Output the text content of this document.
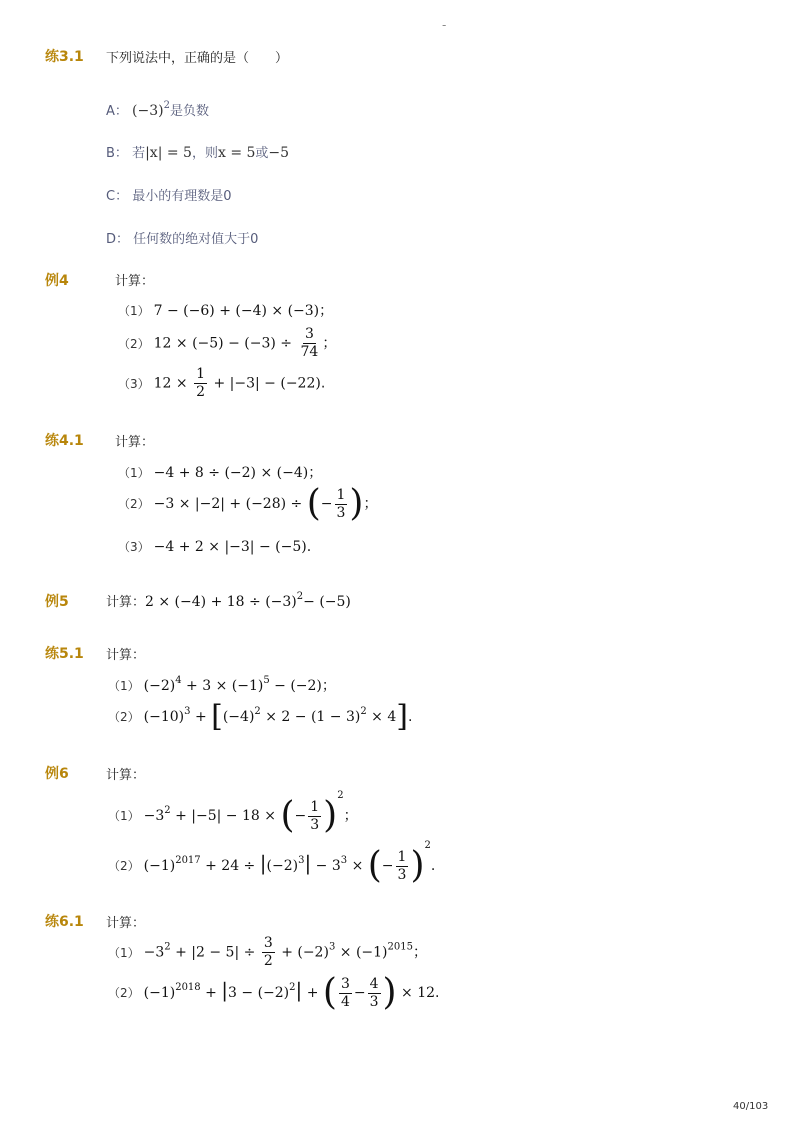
-
练3.1 下列说法中，正确的是（　　）
A： $(-3)^2$是负数
B： 若|x| = 5，则x = 5或−5
C： 最小的有理数是0
D： 任何数的绝对值大于0
例4	计算：
（1） 7 − (−6) + (−4) × (−3)；
（2） $12 \times (-5) - (-3) \div \frac{3}{74}$ ；
（3） $12 \times \frac{1}{2} + |-3| - (-22)$.
练4.1 计算：
（1） −4 + 8 ÷ (−2) × (−4)；
（2） −3 × |−2| + (−28) ÷ (− $\frac{1}{3}$ )；
（3） −4 + 2 × |−3| − (−5).
例5	计算：$2 \times (-4) + 18 \div (-3)^2- (-5)$
练5.1 计算：
（1） $(-2)^4 + 3 \times (-1)^5 - (-2)$；
（2） $(-10)^3 + [(-4)^2 \times 2 - (1 - 3)^2 \times 4]$.
例6	计算：
$(1) -3^2 + |-5| - 18$ × (− $\frac{1}{3} )^2$；
（2） $(-1)^{2017} + 24 \div |(-2)^3| - 3^3$ × (− $\frac{1}{3} )^2$.
练6.1 计算：
$(1) -3^2 + |2 - 5| \div \frac{3}{2} + (-2)^3 \times (-1)^{2015}$；
（2） $(-1)^{2018} + |3 - (-2)^2|$ + ( $\frac{3}{4} - \frac{4}{3}$ ) × 12.
40/103
